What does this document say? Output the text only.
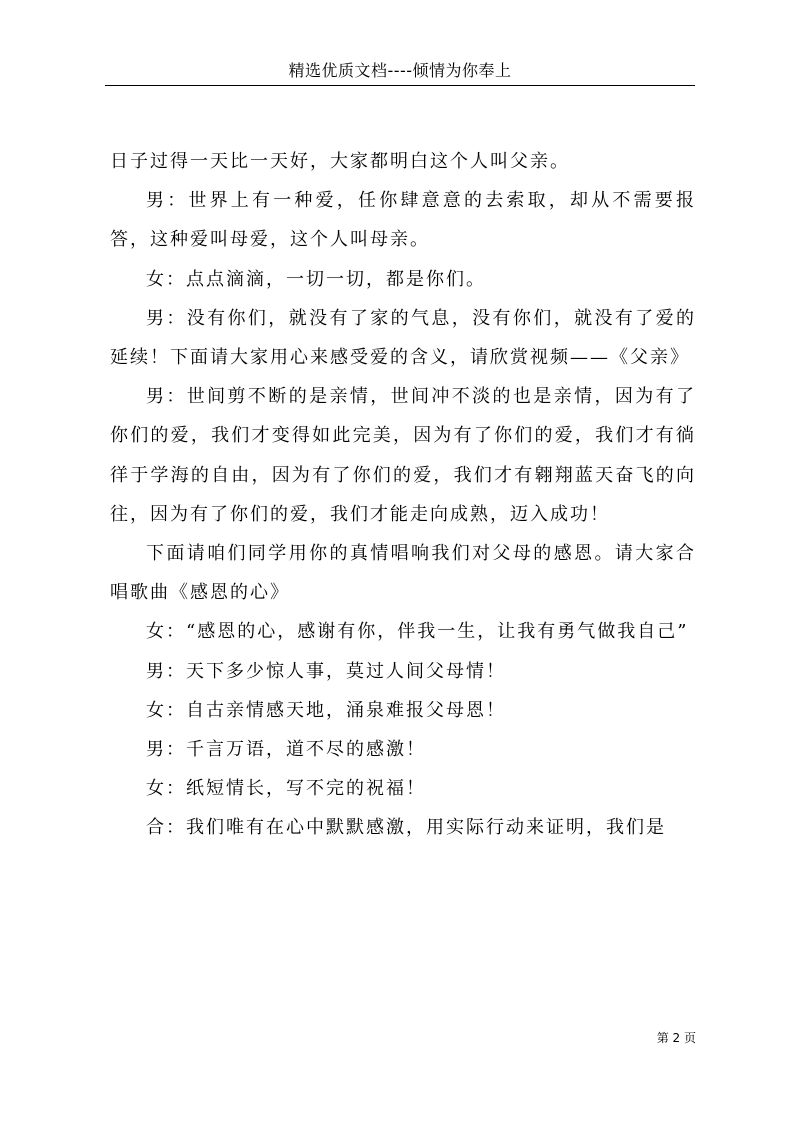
精选优质文档----倾情为你奉上

日子过得一天比一天好，大家都明白这个人叫父亲。

男：世界上有一种爱，任你肆意意的去索取，却从不需要报答，这种爱叫母爱，这个人叫母亲。

女：点点滴滴，一切一切，都是你们。

男：没有你们，就没有了家的气息，没有你们，就没有了爱的延续！下面请大家用心来感受爱的含义，请欣赏视频——《父亲》

男：世间剪不断的是亲情，世间冲不淡的也是亲情，因为有了你们的爱，我们才变得如此完美，因为有了你们的爱，我们才有徜徉于学海的自由，因为有了你们的爱，我们才有翱翔蓝天奋飞的向往，因为有了你们的爱，我们才能走向成熟，迈入成功！

下面请咱们同学用你的真情唱响我们对父母的感恩。请大家合唱歌曲《感恩的心》

女：“感恩的心，感谢有你，伴我一生，让我有勇气做我自己”

男：天下多少惊人事，莫过人间父母情！

女：自古亲情感天地，涌泉难报父母恩！

男：千言万语，道不尽的感激！

女：纸短情长，写不完的祝福！

合：我们唯有在心中默默感激，用实际行动来证明，我们是

第 2 页
